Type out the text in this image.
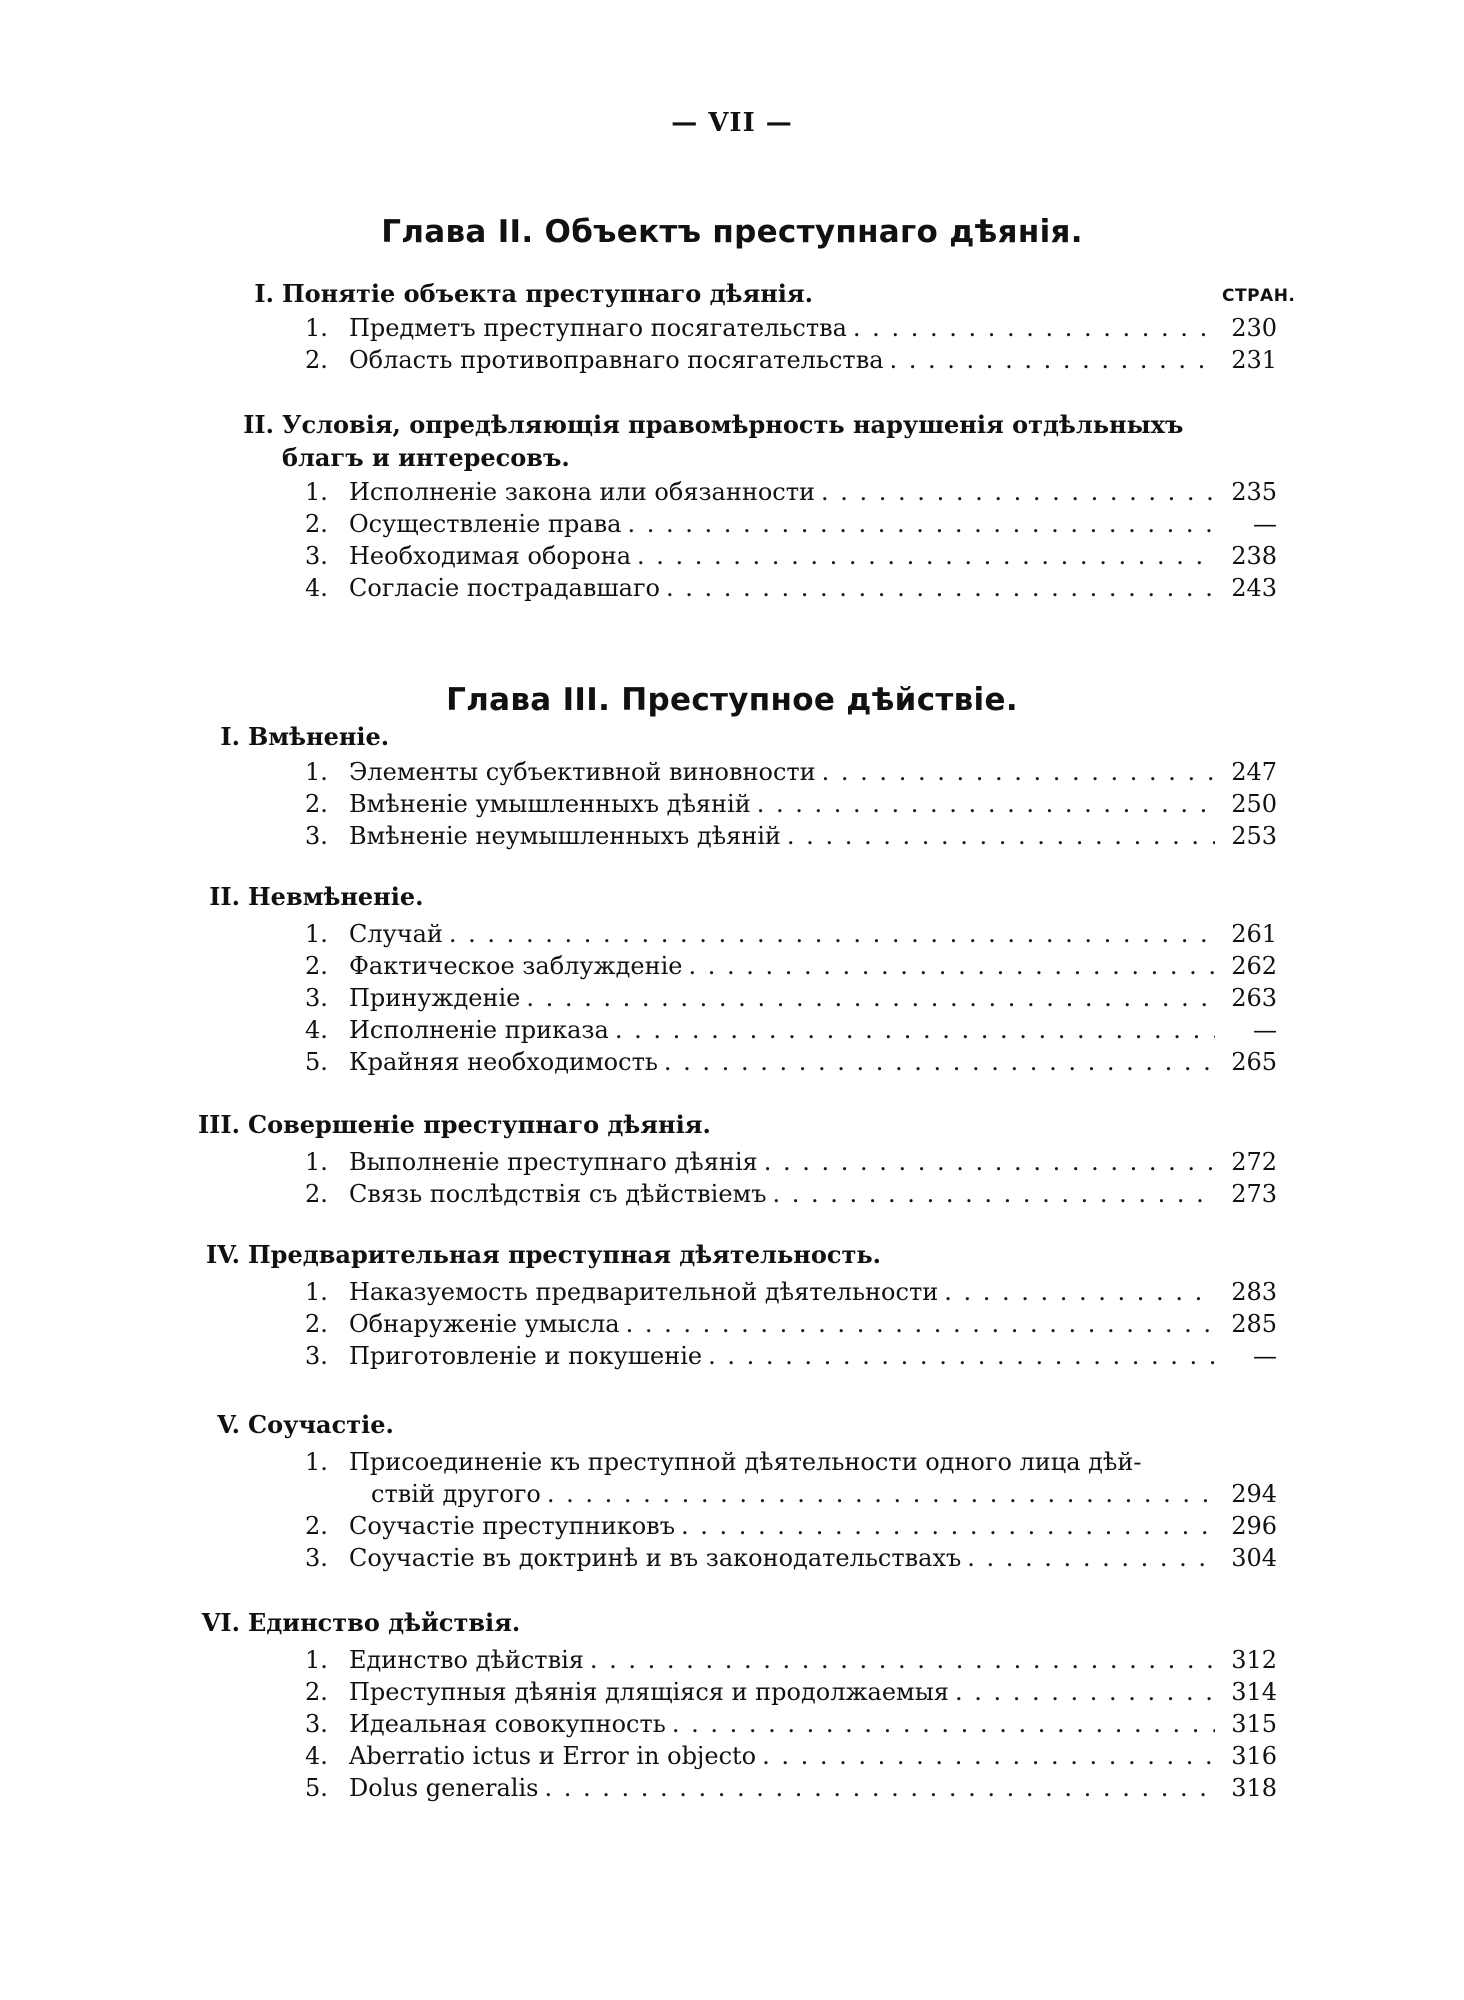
— VII —
Глава II. Объектъ преступнаго дѣянія.
СТРАН.
I. Понятіе объекта преступнаго дѣянія.
1. Предметъ преступнаго посягательства . . .	230
2. Область противоправнаго посягательства . . .	231
II. Условія, опредѣляющія правомѣрность нарушенія отдѣльныхъ
благъ и интересовъ.
1. Исполненіе закона или обязанности . . .	235
2. Осуществленіе права . . .	—
3. Необходимая оборона . . .	238
4. Согласіе пострадавшаго . . .	243
Глава III. Преступное дѣйствіе.
I. Вмѣненіе.
1. Элементы субъективной виновности . . .	247
2. Вмѣненіе умышленныхъ дѣяній . . .	250
3. Вмѣненіе неумышленныхъ дѣяній . . .	253
II. Невмѣненіе.
1. Случай . . .	261
2. Фактическое заблужденіе . . .	262
3. Принужденіе . . .	263
4. Исполненіе приказа . . .	—
5. Крайняя необходимость . . .	265
III. Совершеніе преступнаго дѣянія.
1. Выполненіе преступнаго дѣянія . . .	272
2. Связь послѣдствія съ дѣйствіемъ . . .	273
IV. Предварительная преступная дѣятельность.
1. Наказуемость предварительной дѣятельности . . .	283
2. Обнаруженіе умысла . . .	285
3. Приготовленіе и покушеніе . . .	—
V. Соучастіе.
1. Присоединеніе къ преступной дѣятельности одного лица дѣй-
ствій другого . . .	294
2. Соучастіе преступниковъ . . .	296
3. Соучастіе въ доктринѣ и въ законодательствахъ . . .	304
VI. Единство дѣйствія.
1. Единство дѣйствія . . .	312
2. Преступныя дѣянія длящіяся и продолжаемыя . . .	314
3. Идеальная совокупность . . .	315
4. Aberratio ictus и Error in objecto . . .	316
5. Dolus generalis . . .	318
